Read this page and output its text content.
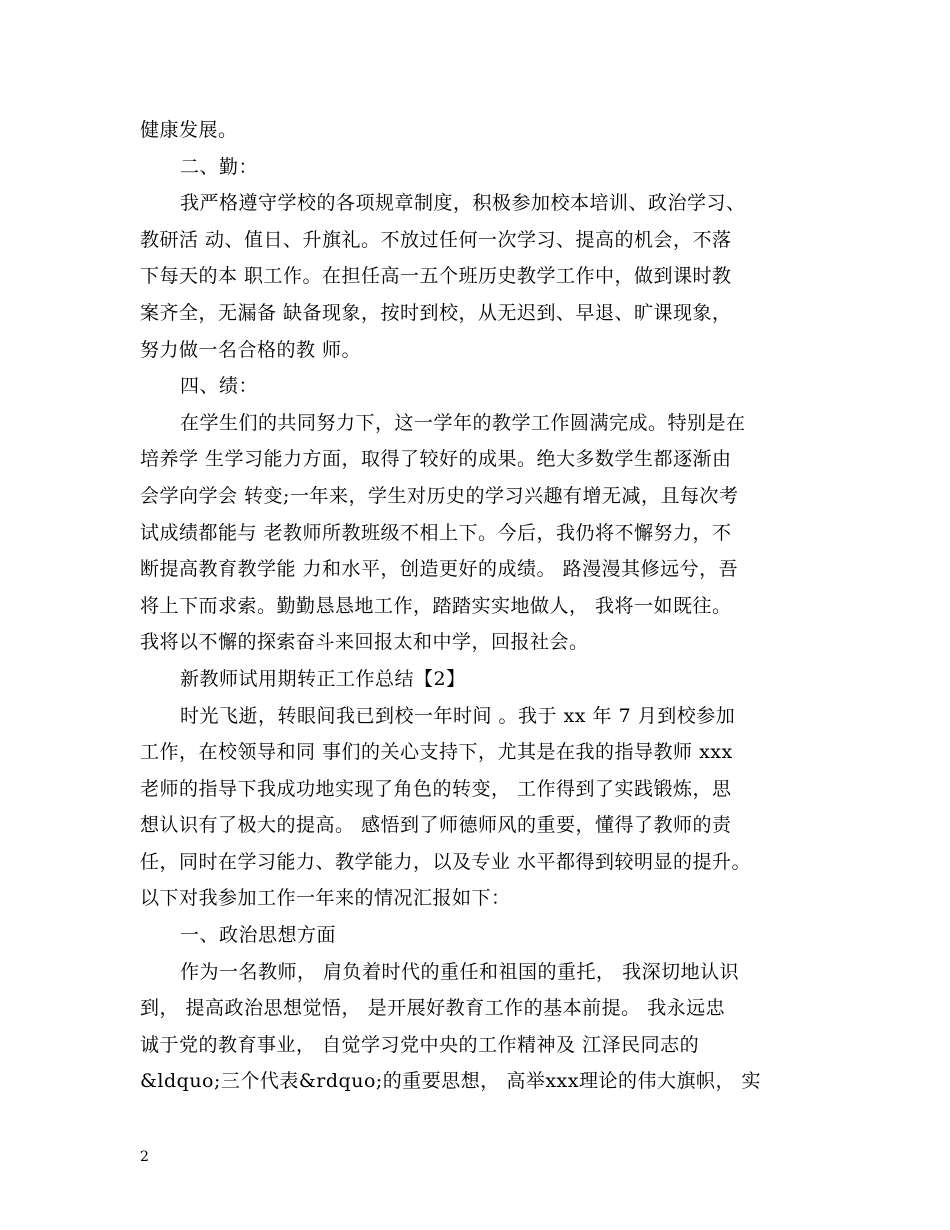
健康发展。
二、勤：
我严格遵守学校的各项规章制度，积极参加校本培训、政治学习、
教研活 动、值日、升旗礼。不放过任何一次学习、提高的机会，不落
下每天的本 职工作。在担任高一五个班历史教学工作中，做到课时教
案齐全，无漏备 缺备现象，按时到校，从无迟到、早退、旷课现象，
努力做一名合格的教 师。
四、绩：
在学生们的共同努力下，这一学年的教学工作圆满完成。特别是在
培养学 生学习能力方面，取得了较好的成果。绝大多数学生都逐渐由
会学向学会 转变;一年来，学生对历史的学习兴趣有增无减，且每次考
试成绩都能与 老教师所教班级不相上下。今后，我仍将不懈努力，不
断提高教育教学能 力和水平，创造更好的成绩。 路漫漫其修远兮，吾
将上下而求索。勤勤恳恳地工作，踏踏实实地做人， 我将一如既往。
我将以不懈的探索奋斗来回报太和中学，回报社会。
新教师试用期转正工作总结【2】
时光飞逝，转眼间我已到校一年时间 。我于 xx 年 7 月到校参加
工作，在校领导和同 事们的关心支持下，尤其是在我的指导教师 xxx
老师的指导下我成功地实现了角色的转变， 工作得到了实践锻炼，思
想认识有了极大的提高。 感悟到了师德师风的重要，懂得了教师的责
任，同时在学习能力、教学能力，以及专业 水平都得到较明显的提升。
以下对我参加工作一年来的情况汇报如下：
一、政治思想方面
作为一名教师， 肩负着时代的重任和祖国的重托， 我深切地认识
到， 提高政治思想觉悟， 是开展好教育工作的基本前提。 我永远忠
诚于党的教育事业， 自觉学习党中央的工作精神及 江泽民同志的
&ldquo;三个代表&rdquo;的重要思想， 高举xxx理论的伟大旗帜， 实
2
